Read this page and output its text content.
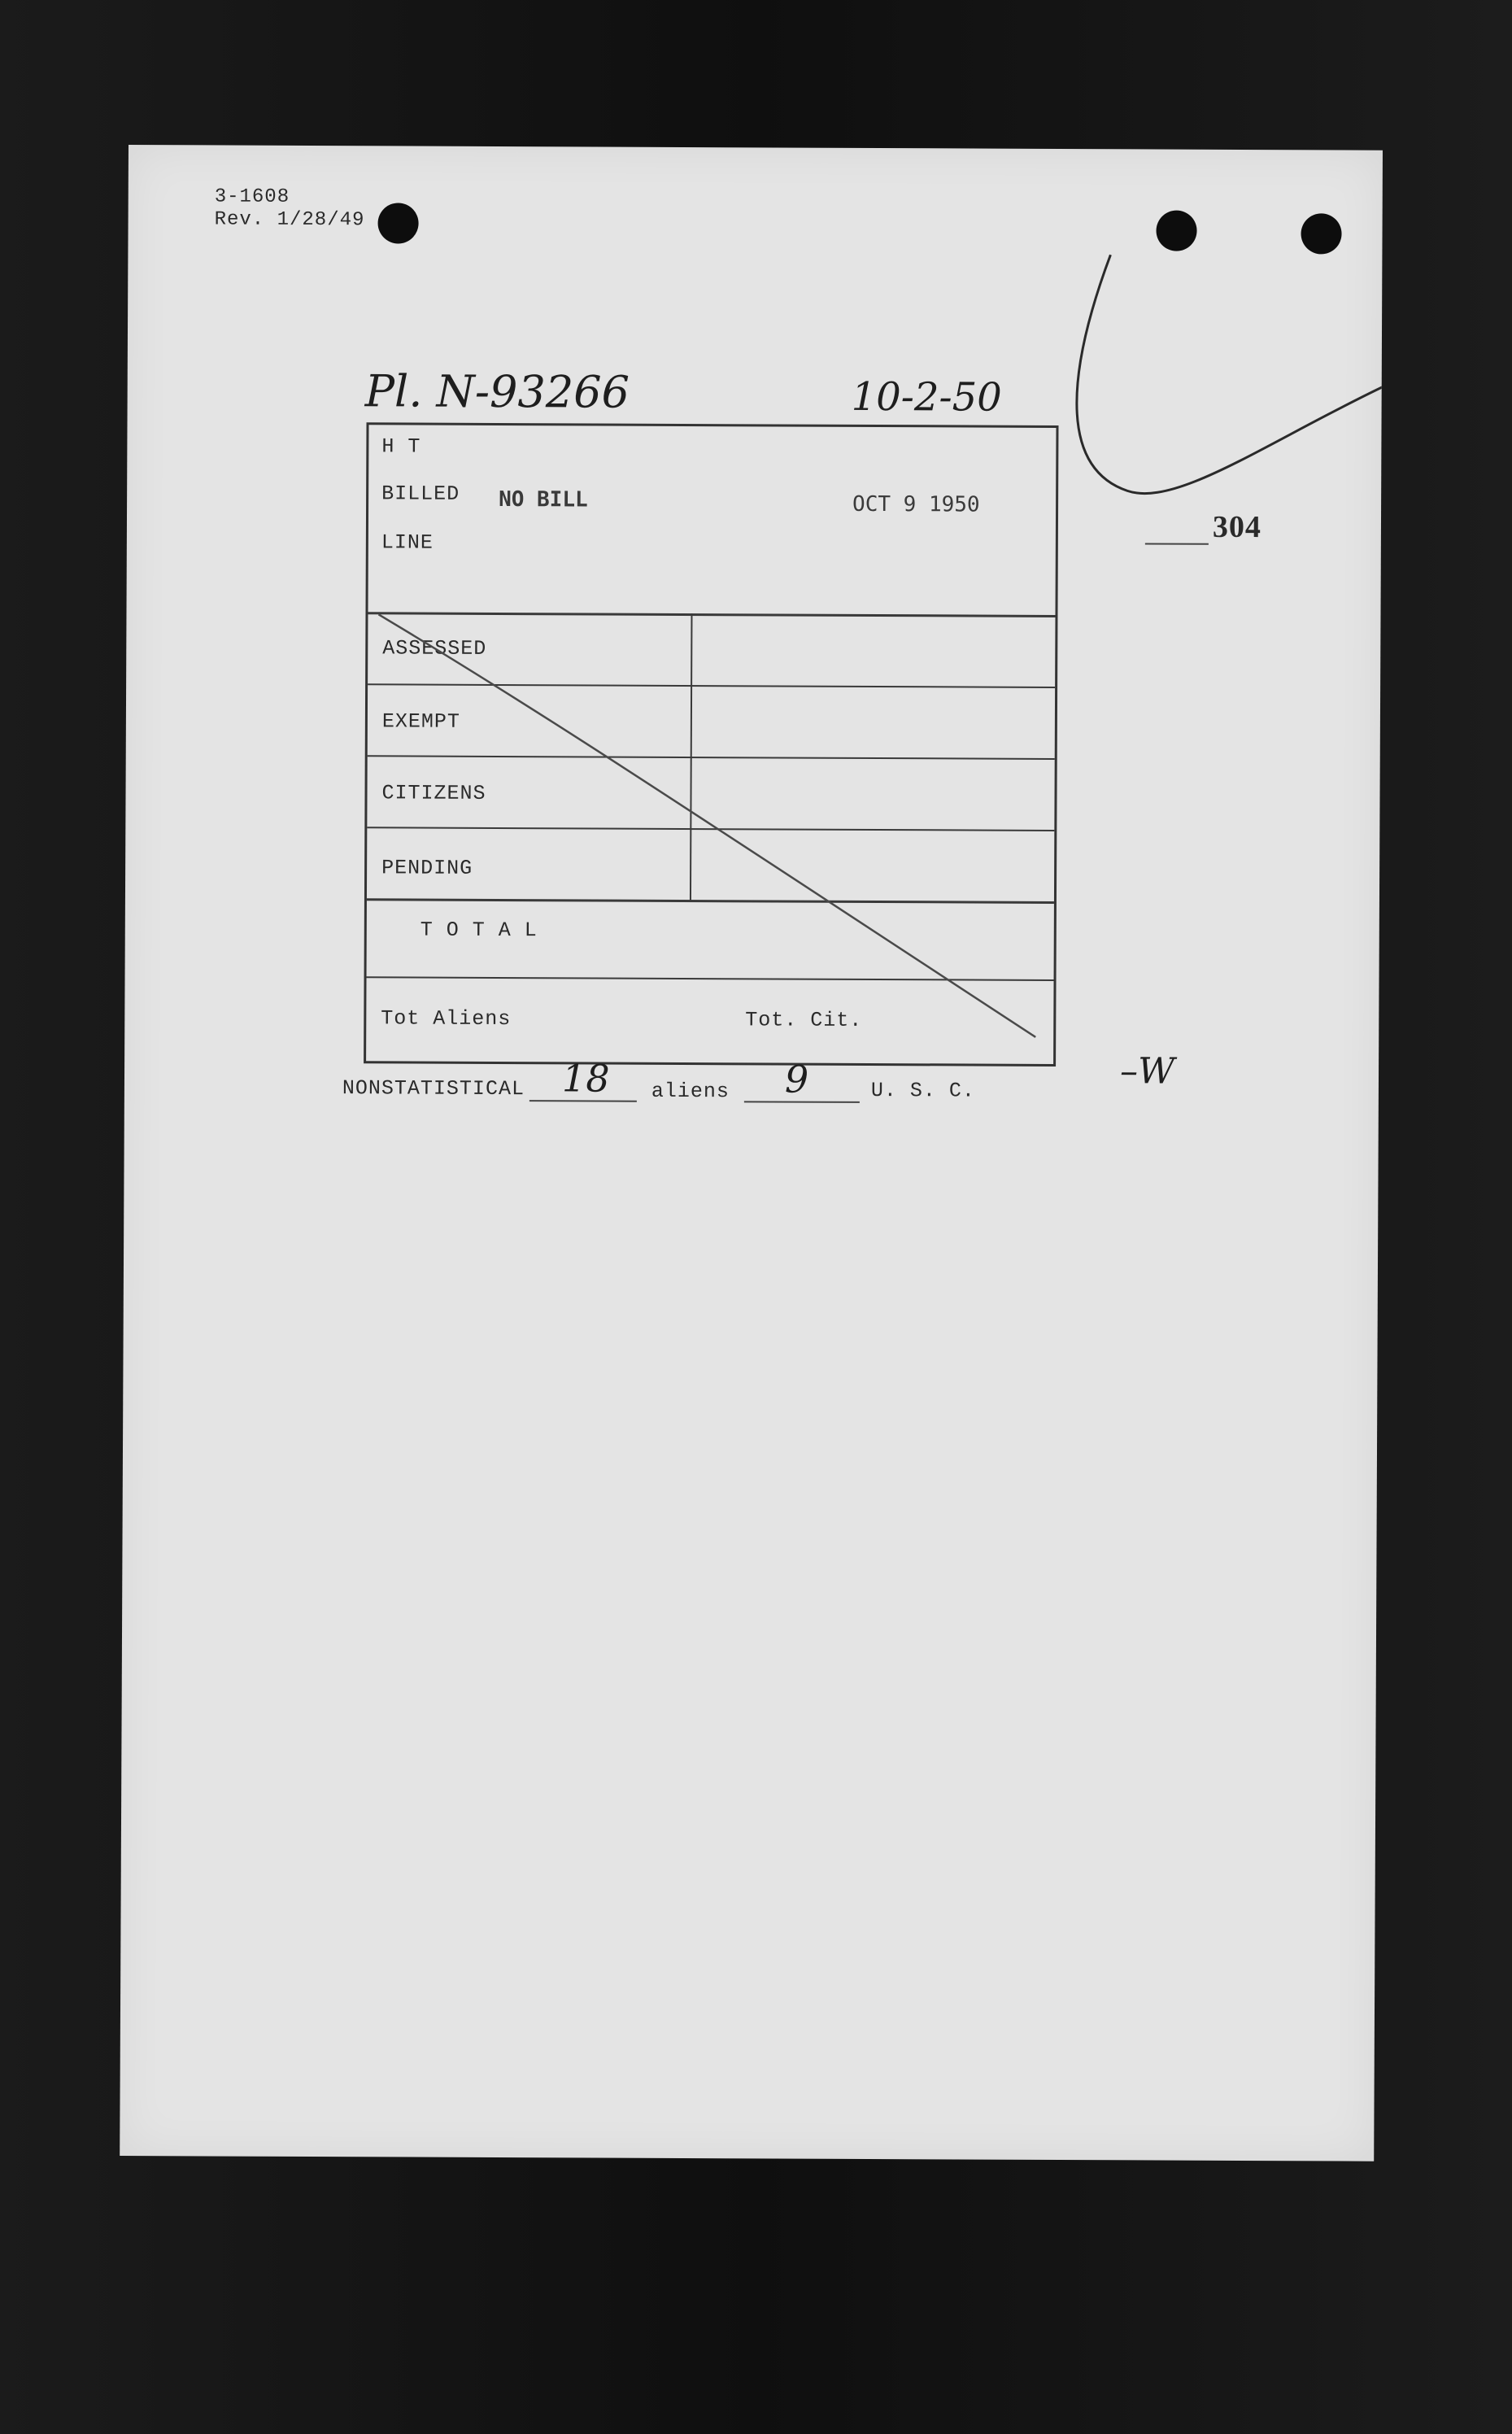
3-1608
Rev. 1/28/49
Pl. N-93266	10-2-50
304
H T
BILLED
LINE
NO BILL	OCT 9 1950
ASSESSED
EXEMPT
CITIZENS
PENDING
T O T A L
Tot Aliens	Tot. Cit.
NONSTATISTICAL 18 aliens 9	U. S. C.	–W
